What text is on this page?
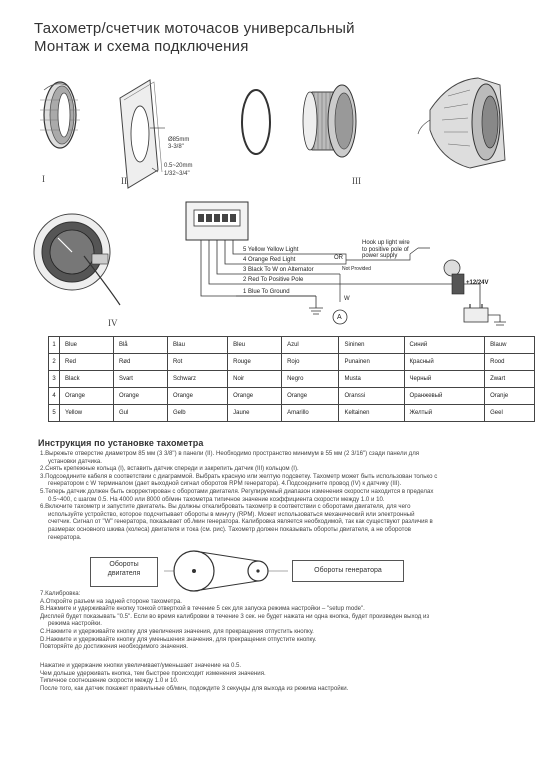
Тахометр/счетчик моточасов универсальный
Монтаж и схема подключения
I	II	III
Ø85mm
3-3/8"
0.5~20mm
1/32~3/4"
IV
5 Yellow Yellow Light
4 Orange Red Light
3 Black To W on Alternator
2 Red To Positive Pole
1 Blue To Ground
OR
Not Provided
Hook up light wire
to positive pole of
power supply
+12/24V
W
A
1	Blue	Blå	Blau	Bleu	Azul	Sininen	Синий	Blauw
2	Red	Rød	Rot	Rouge	Rojo	Punainen	Красный	Rood
3	Black	Svart	Schwarz	Noir	Negro	Musta	Черный	Zwart
4	Orange	Orange	Orange	Orange	Orange	Oranssi	Оранжевый	Oranje
5	Yellow	Gul	Gelb	Jaune	Amarillo	Keltainen	Желтый	Geel
Инструкция по установке тахометра
1.Вырежьте отверстие диаметром 85 мм (3 3/8") в панели (II). Необходимо пространство минимум в 55 мм (2 3/16") сзади панели для
установки датчика.
2.Снять крепежные кольца (I), вставить датчик спереди и закрепить датчик (III) кольцом (I).
3.Подсоедините кабеля в соответствии с диаграммой. Выбрать красную или желтую подсветку. Тахометр может быть использован только с
генератором с W терминалом (дает выходной сигнал оборотов RPM генератора). 4.Подсоедините провод (IV) к датчику (III).
5.Теперь датчик должен быть скорректирован с оборотами двигателя. Регулируемый диапазон изменения скорости находится в пределах
0.5~400, с шагом 0.5. На 4000 или 8000 об/мин тахометра типичное значение коэффициента скорости между 1.0 и 10.
6.Включите тахометр и запустите двигатель. Вы должны откалибровать тахометр в соответствии с оборотами двигателя, для чего
используйте устройство, которое подсчитывает обороты в минуту (RPM). Может использоваться механический или электронный
счетчик. Сигнал от "W" генератора, показывает об./мин генератора. Калибровка является необходимой, так как существуют различия в
размерах основного шкива (колеса) двигателя и тока (см. рис). Тахометр должен показывать обороты двигателя, а не оборотов
генератора.
Обороты
двигателя	Обороты генератора
7.Калибровка:
A.Откройте разъем на задней стороне тахометра.
B.Нажмите и удерживайте кнопку тонкой отверткой в течение 5 сек для запуска режима настройки – "setup mode".
Дисплей будет показывать "0.5". Если во время калибровки в течение 3 сек. не будет нажата ни одна кнопка, будет произведен выход из
режима настройки.
C.Нажмите и удерживайте кнопку для увеличения значения, для прекращения отпустить кнопку.
D.Нажмите и удерживайте кнопку для уменьшения значения, для прекращения отпустите кнопку.
Повторяйте до достижения необходимого значения.
Нажатие и удержание кнопки увеличивает/уменьшает значение на 0.5.
Чем дольше удерживать кнопка, тем быстрее происходит изменения значения.
Типичное соотношение скорости между 1.0 и 10.
После того, как датчик покажет правильные об/мин, подождите 3 секунды для выхода из режима настройки.
